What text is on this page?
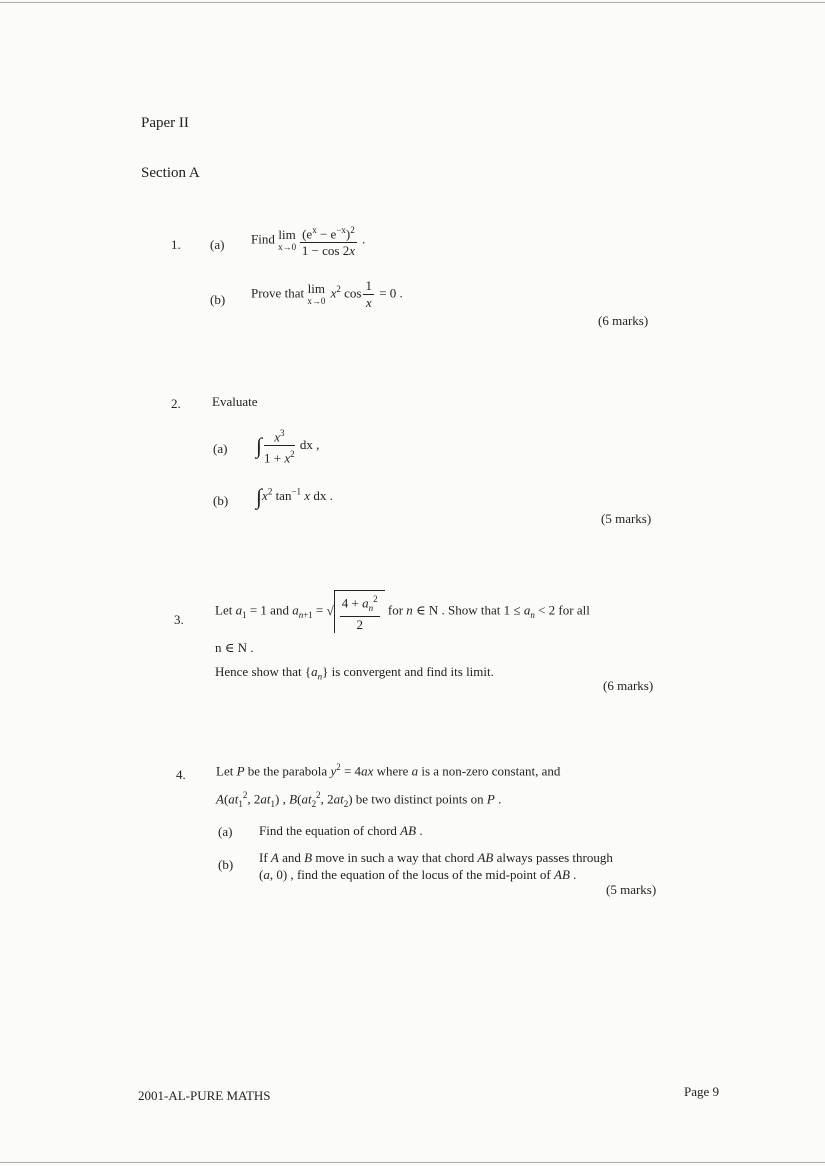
Paper II
Section A
1. (a) Find lim
$x\to 0 \frac{(e^x - e^{-x})^2}{1 - \cos 2x}$ .
(b) Prove that lim
x→0
$x^2$ $\cos \frac{1}{x} = 0$ .
(6 marks)
2. Evaluate
(a) ∫ $\frac{x^3}{1 + x^2}$ dx ,
(b) $\int x^2$ $\tan^{-1} x$ dx .
(5 marks)
3.
Let $a_1 = 1$ and $a_{n+1}$ = √ $\frac{4 + a_n^2}{2}$ for n ∈ N . Show that $1 \le a_n < 2$ for all
n ∈ N .
Hence show that $\{a_n\}$ is convergent and find its limit.
(6 marks)
4. Let P be the parabola $y^2 = 4ax$ where a is a non-zero constant, and
$A(at_1^2$, $2at_1$) , $B(at_2^2$, $2at_2$) be two distinct points on P .
(a) Find the equation of chord AB .
(b) If A and B move in such a way that chord AB always passes through
(a, 0) , find the equation of the locus of the mid-point of AB .
(5 marks)
2001-AL-PURE MATHS	Page 9
